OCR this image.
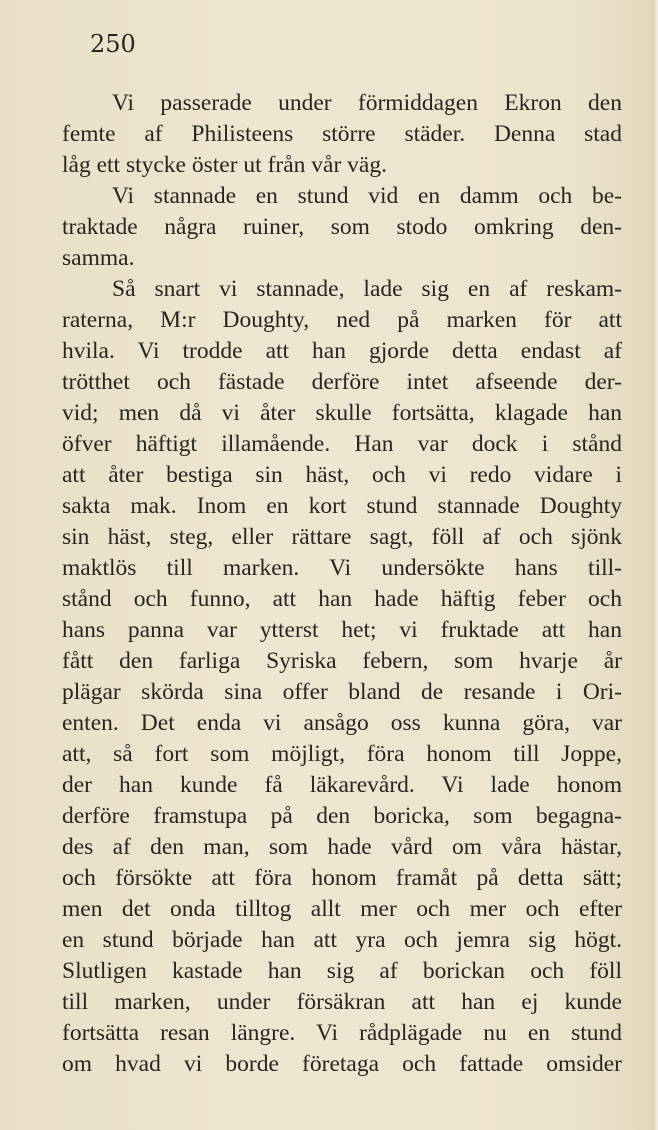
250

Vi passerade under förmiddagen Ekron den
femte af Philisteens större städer. Denna stad
låg ett stycke öster ut från vår väg.
Vi stannade en stund vid en damm och be-
traktade några ruiner, som stodo omkring den-
samma.
Så snart vi stannade, lade sig en af reskam-
raterna, M:r Doughty, ned på marken för att
hvila. Vi trodde att han gjorde detta endast af
trötthet och fästade derföre intet afseende der-
vid; men då vi åter skulle fortsätta, klagade han
öfver häftigt illamående. Han var dock i stånd
att åter bestiga sin häst, och vi redo vidare i
sakta mak. Inom en kort stund stannade Doughty
sin häst, steg, eller rättare sagt, föll af och sjönk
maktlös till marken. Vi undersökte hans till-
stånd och funno, att han hade häftig feber och
hans panna var ytterst het; vi fruktade att han
fått den farliga Syriska febern, som hvarje år
plägar skörda sina offer bland de resande i Ori-
enten. Det enda vi ansågo oss kunna göra, var
att, så fort som möjligt, föra honom till Joppe,
der han kunde få läkarevård. Vi lade honom
derföre framstupa på den boricka, som begagna-
des af den man, som hade vård om våra hästar,
och försökte att föra honom framåt på detta sätt;
men det onda tilltog allt mer och mer och efter
en stund började han att yra och jemra sig högt.
Slutligen kastade han sig af borickan och föll
till marken, under försäkran att han ej kunde
fortsätta resan längre. Vi rådplägade nu en stund
om hvad vi borde företaga och fattade omsider
